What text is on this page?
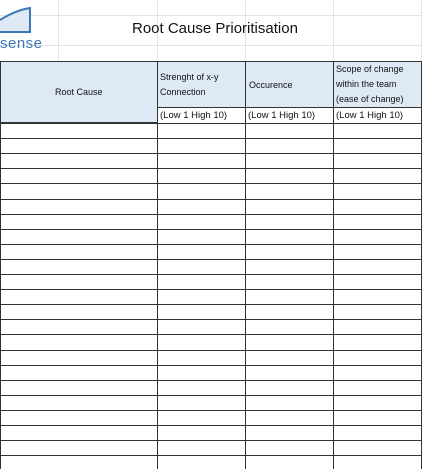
sense
Root Cause Prioritisation
Root Cause
Strenght of x-y
Connection
Occurence
Scope of change
within the team
(ease of change)
(Low 1 High 10)	(Low 1 High 10)	(Low 1 High 10)
